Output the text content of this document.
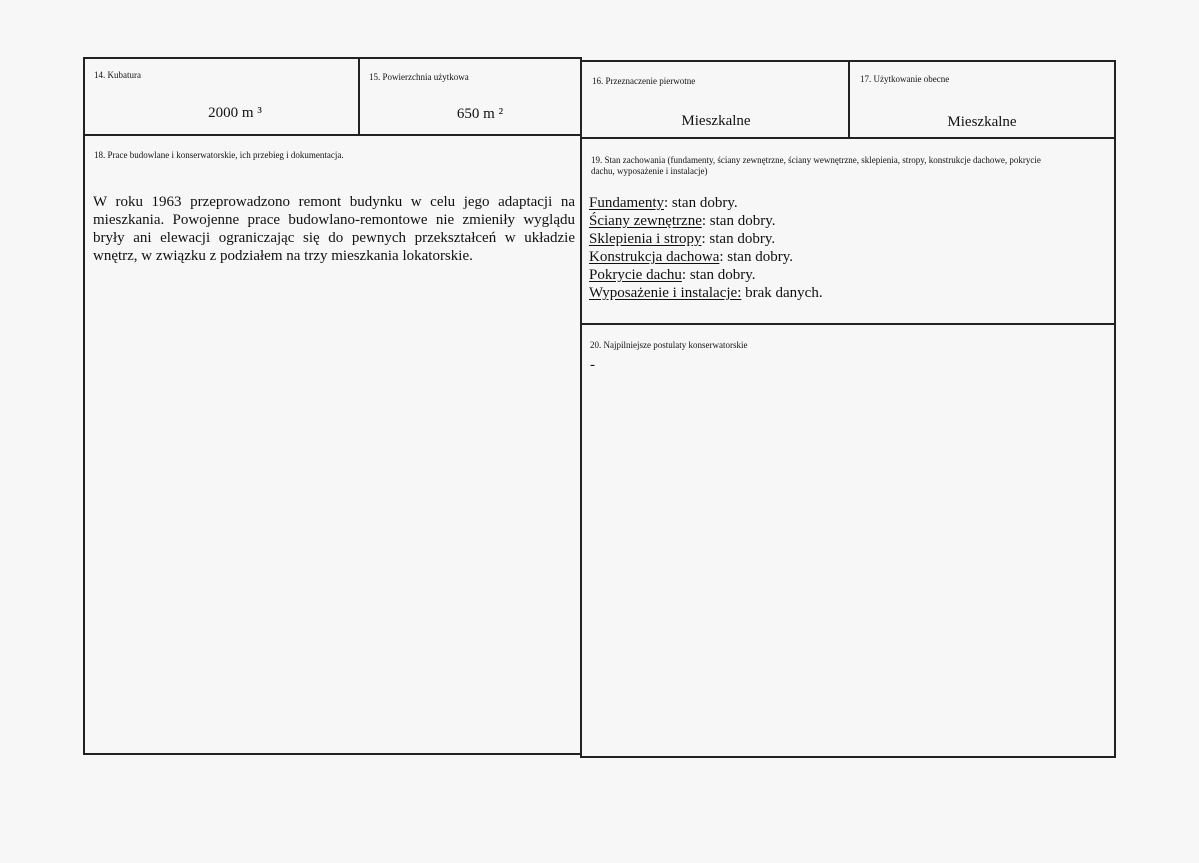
14. Kubatura
2000 m ³
15. Powierzchnia użytkowa
650 m ²
16. Przeznaczenie pierwotne
Mieszkalne
17. Użytkowanie obecne
Mieszkalne
18. Prace budowlane i konserwatorskie, ich przebieg i dokumentacja.
W roku 1963 przeprowadzono remont budynku w celu jego adaptacji na mieszkania. Powojenne prace budowlano-remontowe nie zmieniły wyglądu bryły ani elewacji ograniczając się do pewnych przekształceń w układzie wnętrz, w związku z podziałem na trzy mieszkania lokatorskie.
19. Stan zachowania (fundamenty, ściany zewnętrzne, ściany wewnętrzne, sklepienia, stropy, konstrukcje dachowe, pokrycie dachu, wyposażenie i instalacje)
Fundamenty: stan dobry.
Ściany zewnętrzne: stan dobry.
Sklepienia i stropy: stan dobry.
Konstrukcja dachowa: stan dobry.
Pokrycie dachu: stan dobry.
Wyposażenie i instalacje: brak danych.
20. Najpilniejsze postulaty konserwatorskie
-
